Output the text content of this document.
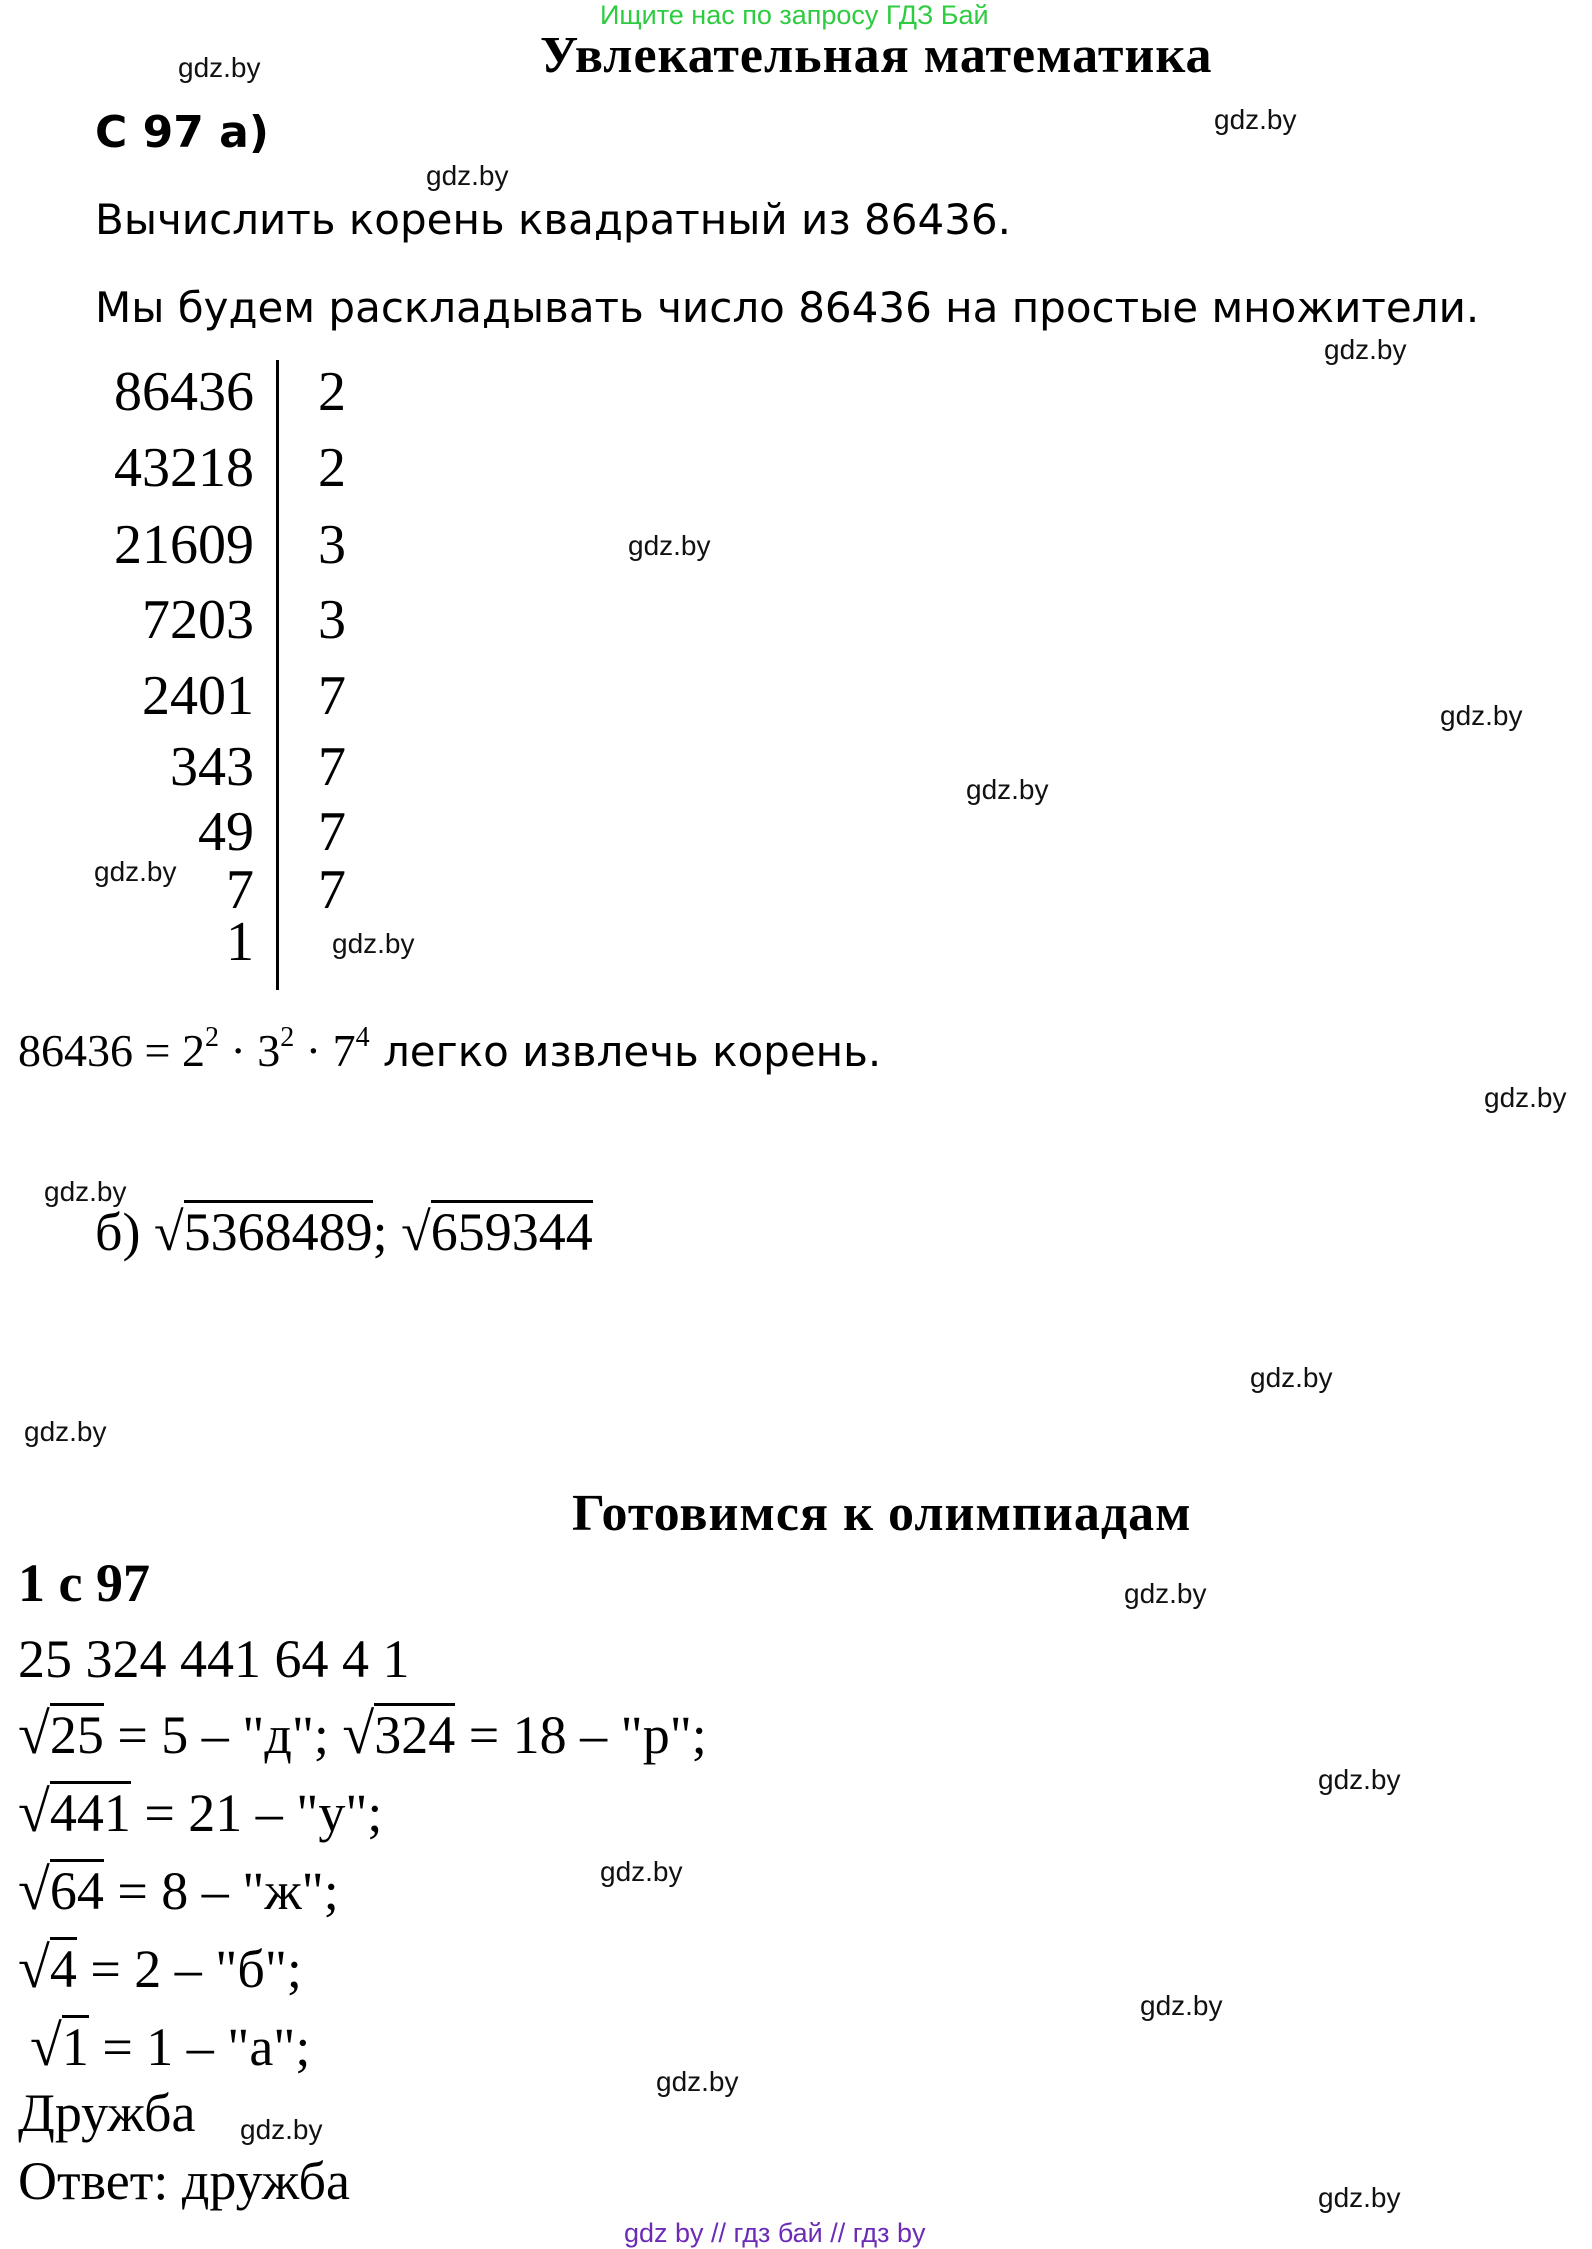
Ищите нас по запросу ГДЗ Бай
Увлекательная математика
С 97 а)
Вычислить корень квадратный из 86436.
Мы будем раскладывать число 86436 на простые множители.
86436
43218
21609
7203
2401
343
49
7
1
2
2
3
3
7
7
7
7
$86436 = 2^2 \cdot 3^2 \cdot 7^4$ легко извлечь корень.
б) √5368489; √659344
Готовимся к олимпиадам
1 с 97
25 324 441 64 4 1
√25 = 5 – "д"; √324 = 18 – "р";
√441 = 21 – "у";
√64 = 8 – "ж";
√4 = 2 – "б";
√1 = 1 – "а";
Дружба
Ответ: дружба
gdz.by
gdz.by
gdz.by
gdz.by
gdz.by
gdz.by
gdz.by
gdz.by
gdz.by
gdz.by
gdz.by
gdz.by
gdz.by
gdz.by
gdz.by
gdz.by
gdz.by
gdz.by
gdz.by
gdz.by
gdz by // гдз бай // гдз by
